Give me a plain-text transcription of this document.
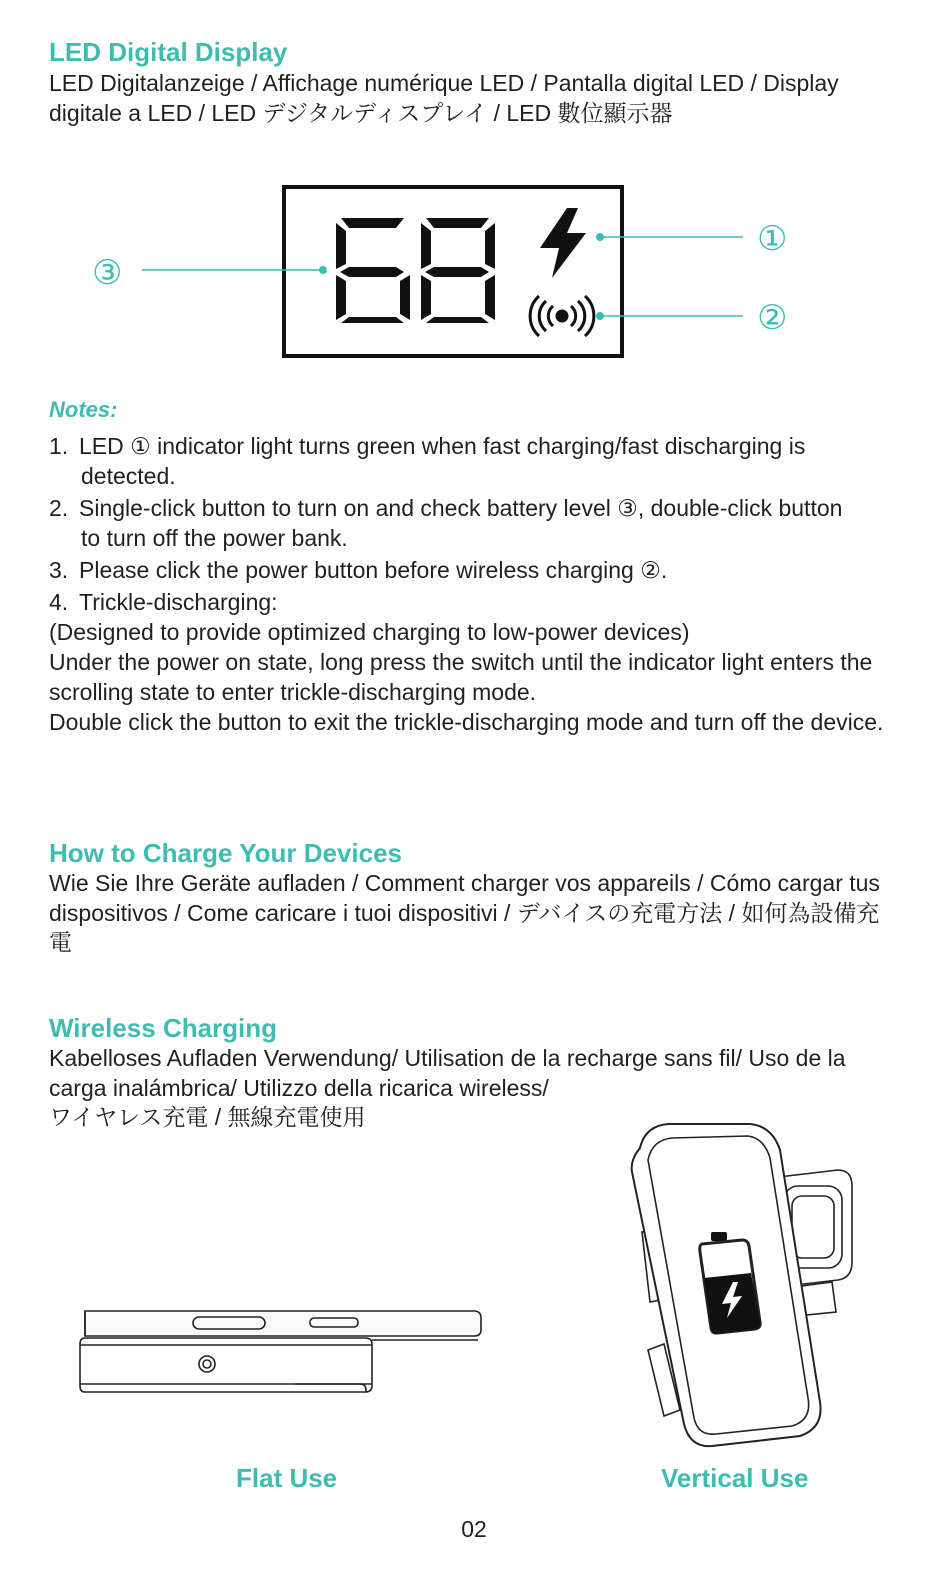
LED Digital Display

LED Digitalanzeige / Affichage numérique LED / Pantalla digital LED / Display digitale a LED / LED デジタルディスプレイ / LED 數位顯示器

①
②
③

Notes:

1. LED ① indicator light turns green when fast charging/fast discharging is
detected.
2. Single-click button to turn on and check battery level ③, double-click button
to turn off the power bank.
3. Please click the power button before wireless charging ②.
4. Trickle-discharging:
(Designed to provide optimized charging to low-power devices)
Under the power on state, long press the switch until the indicator light enters the scrolling state to enter trickle-discharging mode.
Double click the button to exit the trickle-discharging mode and turn off the device.
How to Charge Your Devices

Wie Sie Ihre Geräte aufladen / Comment charger vos appareils / Cómo cargar tus dispositivos / Come caricare i tuoi dispositivi / デバイスの充電方法 / 如何為設備充電

Wireless Charging

Kabelloses Aufladen Verwendung/ Utilisation de la recharge sans fil/ Uso de la carga inalámbrica/ Utilizzo della ricarica wireless/
ワイヤレス充電 / 無線充電使用

Flat Use	Vertical Use

02
